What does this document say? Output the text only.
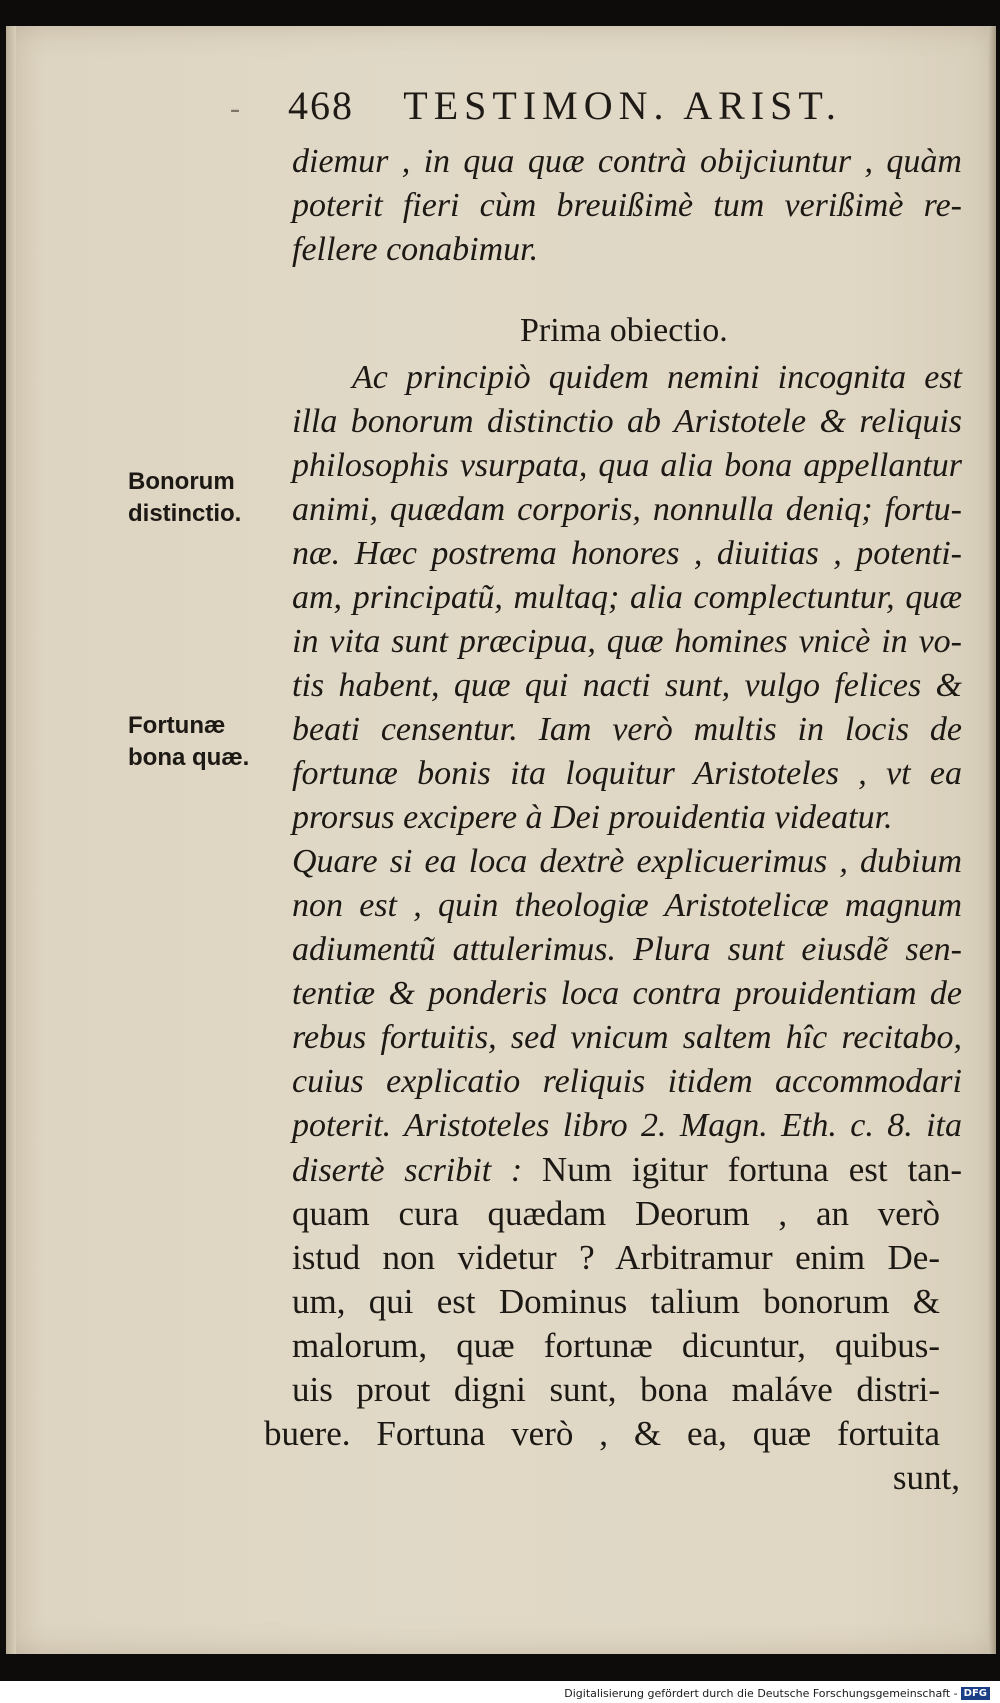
- 468 TESTIMON. ARIST.
diemur , in qua quæ contrà obijciuntur , quàm
poterit fieri cùm breuißimè tum verißimè re-
fellere conabimur.
Prima obiectio.
Bonorum
distinctio.
Fortunæ
bona quæ.
Ac principiò quidem nemini incognita est
illa bonorum distinctio ab Aristotele & reliquis
philosophis vsurpata, qua alia bona appellantur
animi, quædam corporis, nonnulla deniq; fortu-
næ. Hæc postrema honores , diuitias , potenti-
am, principatũ, multaq; alia complectuntur, quæ
in vita sunt præcipua, quæ homines vnicè in vo-
tis habent, quæ qui nacti sunt, vulgo felices &
beati censentur. Iam verò multis in locis de
fortunæ bonis ita loquitur Aristoteles , vt ea
prorsus excipere à Dei prouidentia videatur.
Quare si ea loca dextrè explicuerimus , dubium
non est , quin theologiæ Aristotelicæ magnum
adiumentũ attulerimus. Plura sunt eiusdẽ sen-
tentiæ & ponderis loca contra prouidentiam de
rebus fortuitis, sed vnicum saltem hîc recitabo,
cuius explicatio reliquis itidem accommodari
poterit. Aristoteles libro 2. Magn. Eth. c. 8. ita
disertè scribit : Num igitur fortuna est tan-
quam cura quædam Deorum , an verò
istud non videtur ? Arbitramur enim De-
um, qui est Dominus talium bonorum &
malorum, quæ fortunæ dicuntur, quibus-
uis prout digni sunt, bona maláve distri-
buere. Fortuna verò , & ea, quæ fortuita
sunt,
Digitalisierung gefördert durch die Deutsche Forschungsgemeinschaft - DFG
